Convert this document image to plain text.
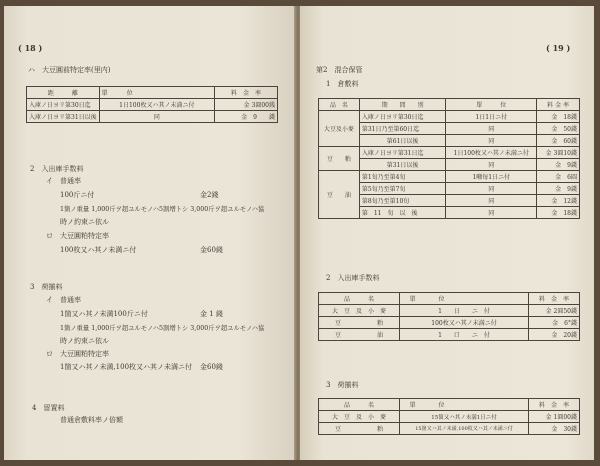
( 18 )
ハ　大豆圓前特定率(里内)
距　　　離	單 位	料　金　率
入庫ノ日ヨリ第30日迄	1日100枚又ハ其ノ未満ニ付	金 3圓00銭
入庫ノ日ヨリ第31日以後	同	金　9　　錢
2　入出庫手数料
イ　普通率
100斤ニ付	金2錢
1箇ノ重量 1,000斤ヲ超ユルモノハ5割増トシ 3,000斤ヲ超ユルモノハ協
時ノ約束ニ依ル
ロ　大豆圓粕特定率
100枚又ハ其ノ未満ニ付	金60錢
3　荷揃料
イ　普通率
1箇又ハ其ノ未満100斤ニ付	金 1 錢
1箇ノ重量 1,000斤ヲ超ユルモノハ5割増トシ 3,000斤ヲ超ユルモノハ協
時ノ約束ニ依ル
ロ　大豆圓粕特定率
1箇又ハ其ノ未満,100枚又ハ其ノ未満ニ付 金60錢
4　留置料
普通倉敷料率ノ倍額
( 19 )
第2　混合保管
1　倉敷料
品　名	期　　間　　別	單　　　位	料 金 率
大豆及小麥	入庫ノ日ヨリ第30日迄	1日1日ニ付	金　18錢
	第31日乃至第60日迄	同	金　50錢
	第61日以後	同	金　60錢
豆　　粕	入庫ノ日ヨリ第31日迄	1日100枚又ハ其ノ未満ニ付	金 3圓10錢
	第31日以後	同	金　9錢
豆　　油	第1旬乃至第4旬	1噸毎1日ニ付	金　6圓
	第5旬乃至第7旬	同	金　9錢
	第8旬乃至第10旬	同	金　12錢
	第　11　旬　以　後	同	金　18錢
2　入出庫手数料
品　　　名	單 位	料　金　率
大　豆　及　小　麥	1　　日　　ニ　付	金 2圓50錢
豆　　　　　　粕	100枚又ハ其ノ未満ニ付	金　6°錢
豆　　　　　　油	1　　口　　ニ　付	金　20錢
3　荷揃料
品　　　名	單 位	料　金　率
大　豆　及　小　麥	15箇又ハ其ノ未満1日ニ付	金 1圓00錢
豆　　　　　　粕	15箇又ハ其ノ未満,100枚又ハ其ノ未満ニ付	金　30錢
